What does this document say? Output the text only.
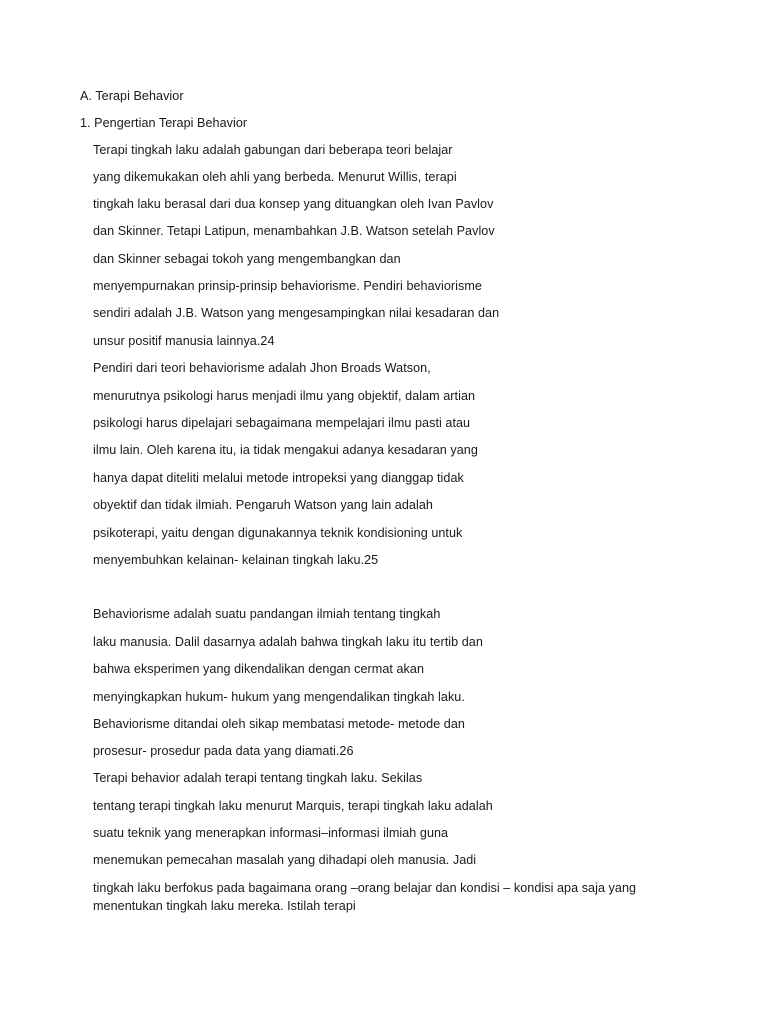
A. Terapi Behavior
1. Pengertian Terapi Behavior
Terapi tingkah laku adalah gabungan dari beberapa teori belajar
yang dikemukakan oleh ahli yang berbeda. Menurut Willis, terapi
tingkah laku berasal dari dua konsep yang dituangkan oleh Ivan Pavlov
dan Skinner. Tetapi Latipun, menambahkan J.B. Watson setelah Pavlov
dan Skinner sebagai tokoh yang mengembangkan dan
menyempurnakan prinsip-prinsip behaviorisme. Pendiri behaviorisme
sendiri adalah J.B. Watson yang mengesampingkan nilai kesadaran dan
unsur positif manusia lainnya.24
Pendiri dari teori behaviorisme adalah Jhon Broads Watson,
menurutnya psikologi harus menjadi ilmu yang objektif, dalam artian
psikologi harus dipelajari sebagaimana mempelajari ilmu pasti atau
ilmu lain. Oleh karena itu, ia tidak mengakui adanya kesadaran yang
hanya dapat diteliti melalui metode intropeksi yang dianggap tidak
obyektif dan tidak ilmiah. Pengaruh Watson yang lain adalah
psikoterapi, yaitu dengan digunakannya teknik kondisioning untuk
menyembuhkan kelainan- kelainan tingkah laku.25
Behaviorisme adalah suatu pandangan ilmiah tentang tingkah
laku manusia. Dalil dasarnya adalah bahwa tingkah laku itu tertib dan
bahwa eksperimen yang dikendalikan dengan cermat akan
menyingkapkan hukum- hukum yang mengendalikan tingkah laku.
Behaviorisme ditandai oleh sikap membatasi metode- metode dan
prosesur- prosedur pada data yang diamati.26
Terapi behavior adalah terapi tentang tingkah laku. Sekilas
tentang terapi tingkah laku menurut Marquis, terapi tingkah laku adalah
suatu teknik yang menerapkan informasi–informasi ilmiah guna
menemukan pemecahan masalah yang dihadapi oleh manusia. Jadi
tingkah laku berfokus pada bagaimana orang –orang belajar dan kondisi – kondisi apa saja yang
menentukan tingkah laku mereka. Istilah terapi
